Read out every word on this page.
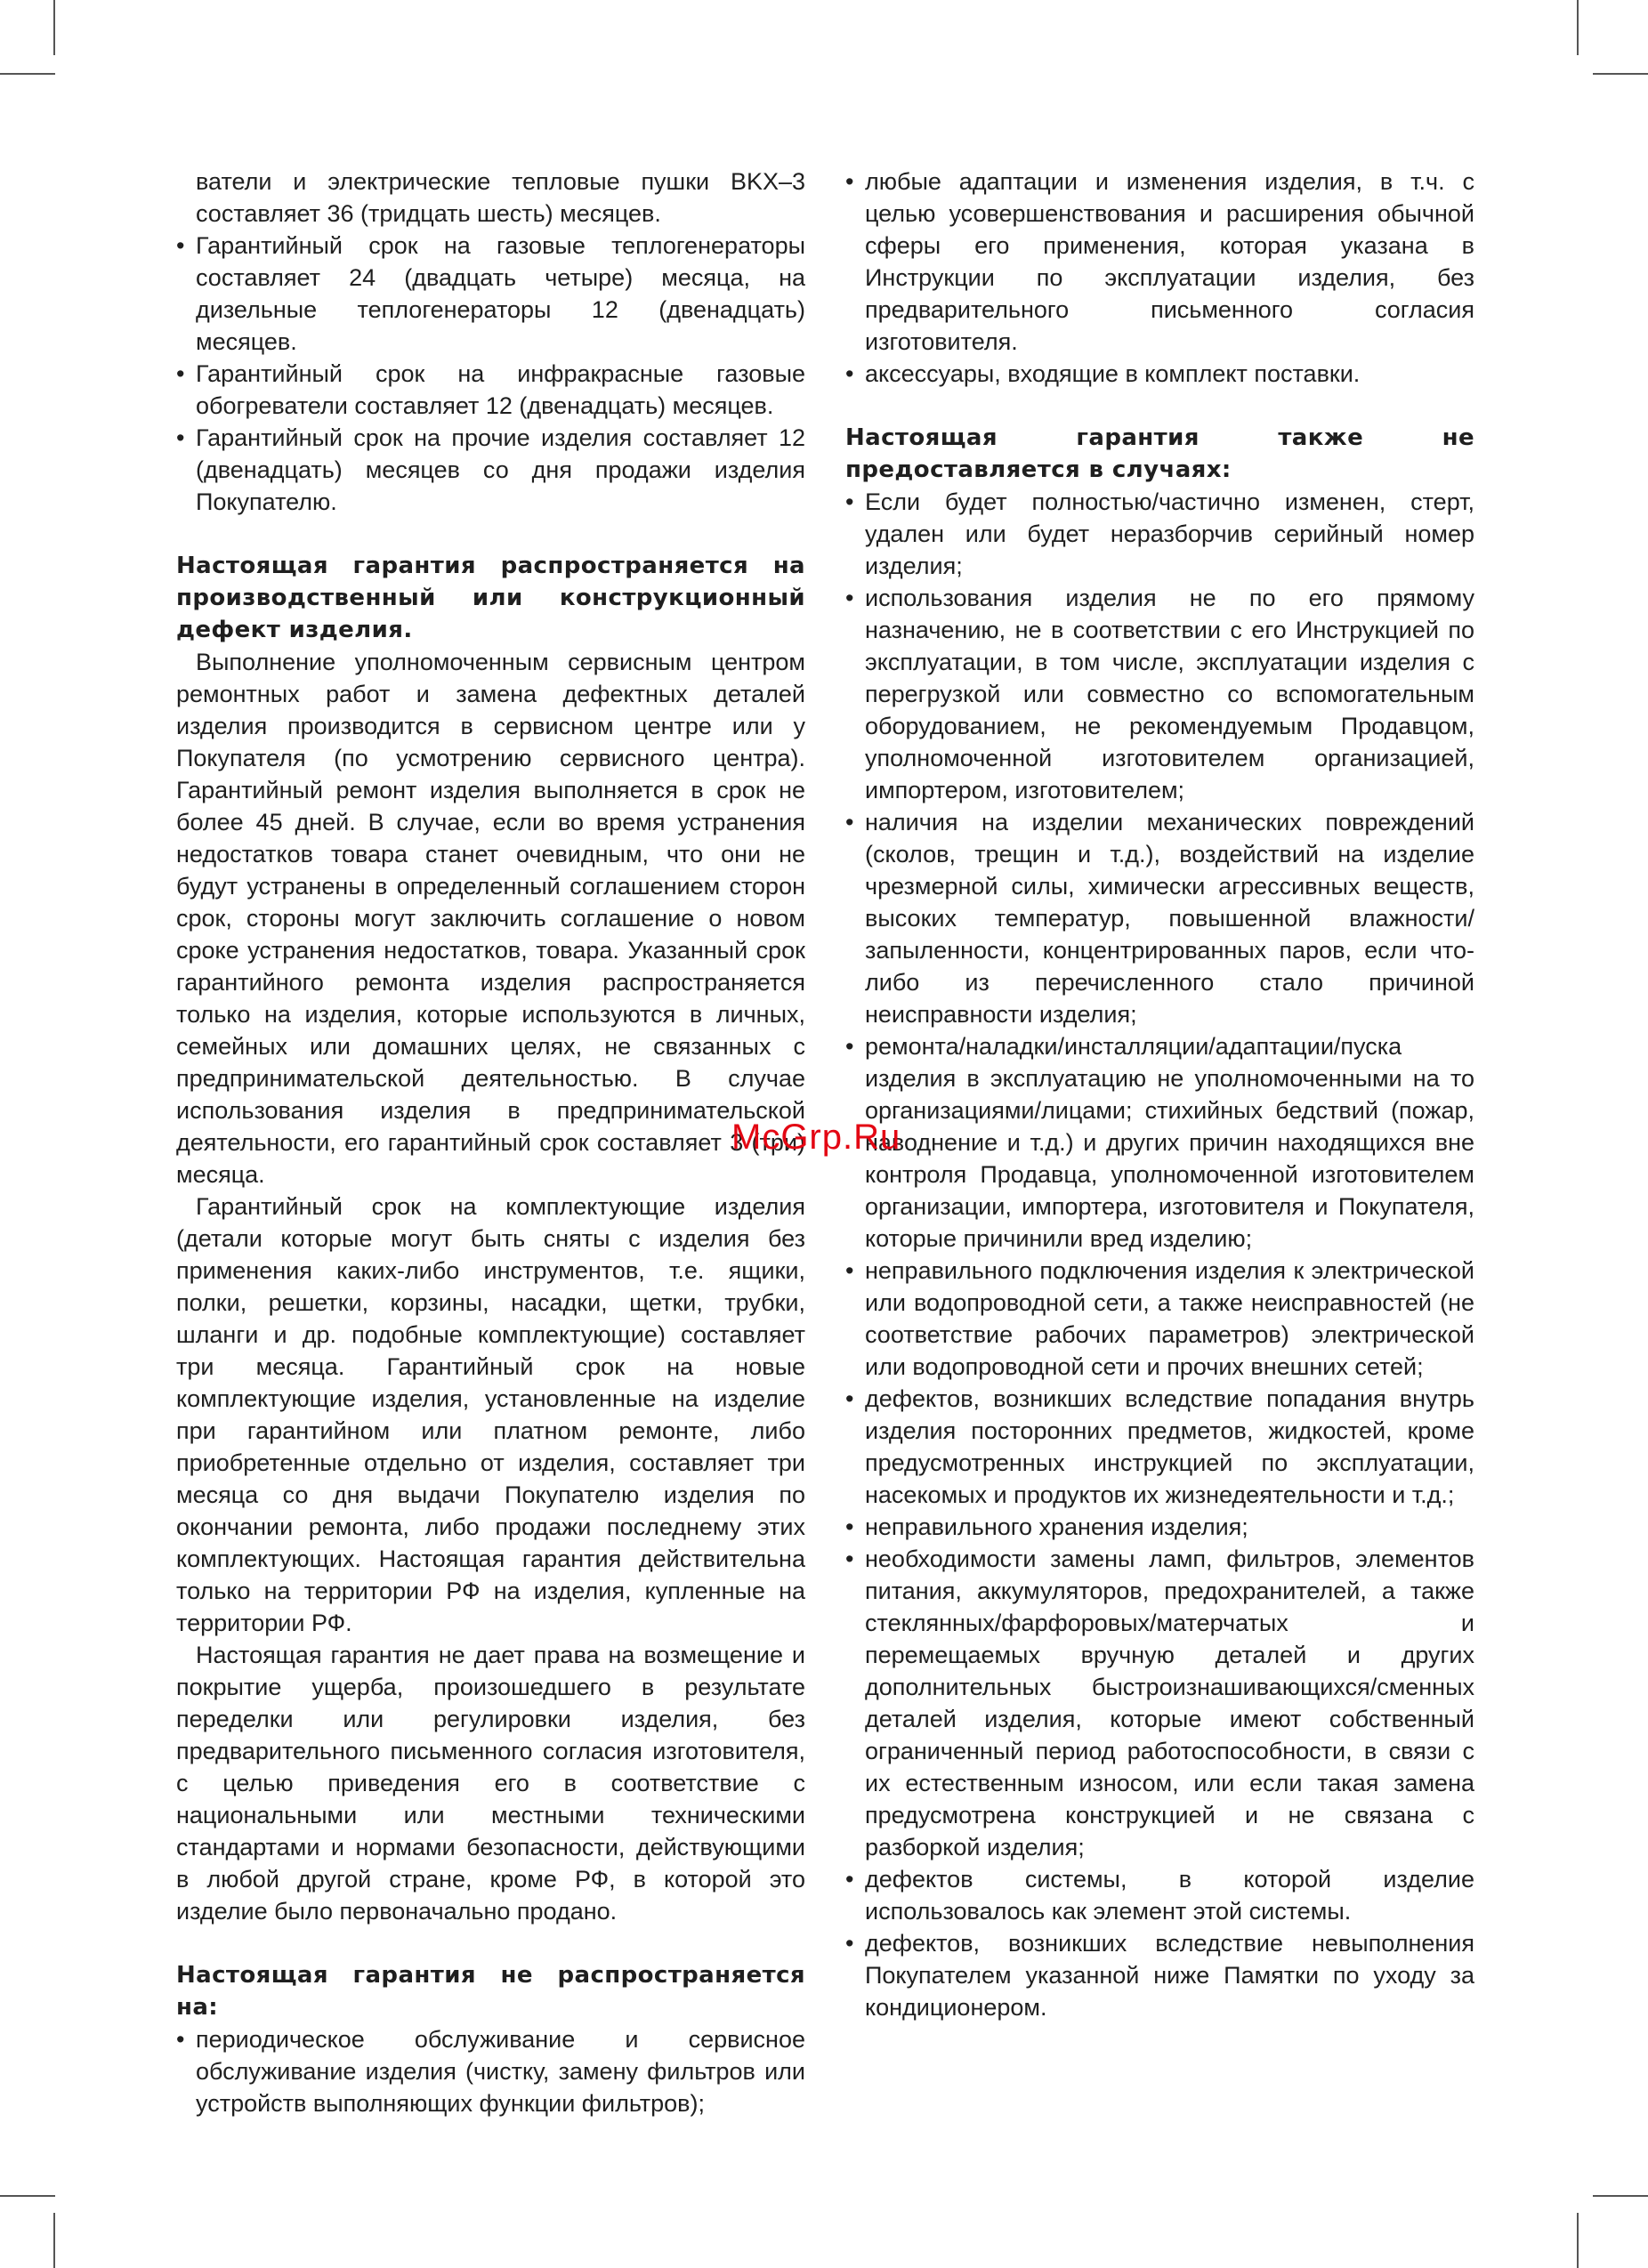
ватели и электрические тепловые пушки BKX–3 составляет 36 (тридцать шесть) месяцев.

• Гарантийный срок на газовые теплогенераторы составляет 24 (двадцать четыре) месяца, на дизельные теплогенераторы 12 (двенадцать) месяцев.

• Гарантийный срок на инфракрасные газовые обогреватели составляет 12 (двенадцать) месяцев.

• Гарантийный срок на прочие изделия составляет 12 (двенадцать) месяцев со дня продажи изделия Покупателю.

Настоящая гарантия распространяется на производственный или конструкционный дефект изделия.

Выполнение уполномоченным сервисным центром ремонтных работ и замена дефектных деталей изделия производится в сервисном центре или у Покупателя (по усмотрению сервисного центра). Гарантийный ремонт изделия выполняется в срок не более 45 дней. В случае, если во время устранения недостатков товара станет очевидным, что они не будут устранены в определенный соглашением сторон срок, стороны могут заключить соглашение о новом сроке устранения недостатков, товара. Указанный срок гарантийного ремонта изделия распространяется только на изделия, которые используются в личных, семейных или домашних целях, не связанных с предпринимательской деятельностью. В случае использования изделия в предпринимательской деятельности, его гарантийный срок составляет 3 (три) месяца.

Гарантийный срок на комплектующие изделия (детали которые могут быть сняты с изделия без применения каких-либо инструментов, т.е. ящики, полки, решетки, корзины, насадки, щетки, трубки, шланги и др. подобные комплектующие) составляет три месяца. Гарантийный срок на новые комплектующие изделия, установленные на изделие при гарантийном или платном ремонте, либо приобретенные отдельно от изделия, составляет три месяца со дня выдачи Покупателю изделия по окончании ремонта, либо продажи последнему этих комплектующих. Настоящая гарантия действительна только на территории РФ на изделия, купленные на территории РФ.

Настоящая гарантия не дает права на возмещение и покрытие ущерба, произошедшего в результате переделки или регулировки изделия, без предварительного письменного согласия изготовителя, с целью приведения его в соответствие с национальными или местными техническими стандартами и нормами безопасности, действующими в любой другой стране, кроме РФ, в которой это изделие было первоначально продано.

Настоящая гарантия не распространяется на:

• периодическое обслуживание и сервисное обслуживание изделия (чистку, замену фильтров или устройств выполняющих функции фильтров);

• любые адаптации и изменения изделия, в т.ч. с целью усовершенствования и расширения обычной сферы его применения, которая указана в Инструкции по эксплуатации изделия, без предварительного письменного согласия изготовителя.

• аксессуары, входящие в комплект поставки.

Настоящая гарантия также не предоставляется в случаях:

• Если будет полностью/частично изменен, стерт, удален или будет неразборчив серийный номер изделия;

• использования изделия не по его прямому назначению, не в соответствии с его Инструкцией по эксплуатации, в том числе, эксплуатации изделия с перегрузкой или совместно со вспомогательным оборудованием, не рекомендуемым Продавцом, уполномоченной изготовителем организацией, импортером, изготовителем;

• наличия на изделии механических повреждений (сколов, трещин и т.д.), воздействий на изделие чрезмерной силы, химически агрессивных веществ, высоких температур, повышенной влажности/запыленности, концентрированных паров, если что-либо из перечисленного стало причиной неисправности изделия;

• ремонта/наладки/инсталляции/адаптации/пуска изделия в эксплуатацию не уполномоченными на то организациями/лицами; стихийных бедствий (пожар, наводнение и т.д.) и других причин находящихся вне контроля Продавца, уполномоченной изготовителем организации, импортера, изготовителя и Покупателя, которые причинили вред изделию;

• неправильного подключения изделия к электрической или водопроводной сети, а также неисправностей (не соответствие рабочих параметров) электрической или водопроводной сети и прочих внешних сетей;

• дефектов, возникших вследствие попадания внутрь изделия посторонних предметов, жидкостей, кроме предусмотренных инструкцией по эксплуатации, насекомых и продуктов их жизнедеятельности и т.д.;

• неправильного хранения изделия;

• необходимости замены ламп, фильтров, элементов питания, аккумуляторов, предохранителей, а также стеклянных/фарфоровых/матерчатых и перемещаемых вручную деталей и других дополнительных быстроизнашивающихся/сменных деталей изделия, которые имеют собственный ограниченный период работоспособности, в связи с их естественным износом, или если такая замена предусмотрена конструкцией и не связана с разборкой изделия;

• дефектов системы, в которой изделие использовалось как элемент этой системы.

• дефектов, возникших вследствие невыполнения Покупателем указанной ниже Памятки по уходу за кондиционером.

McGrp.Ru
